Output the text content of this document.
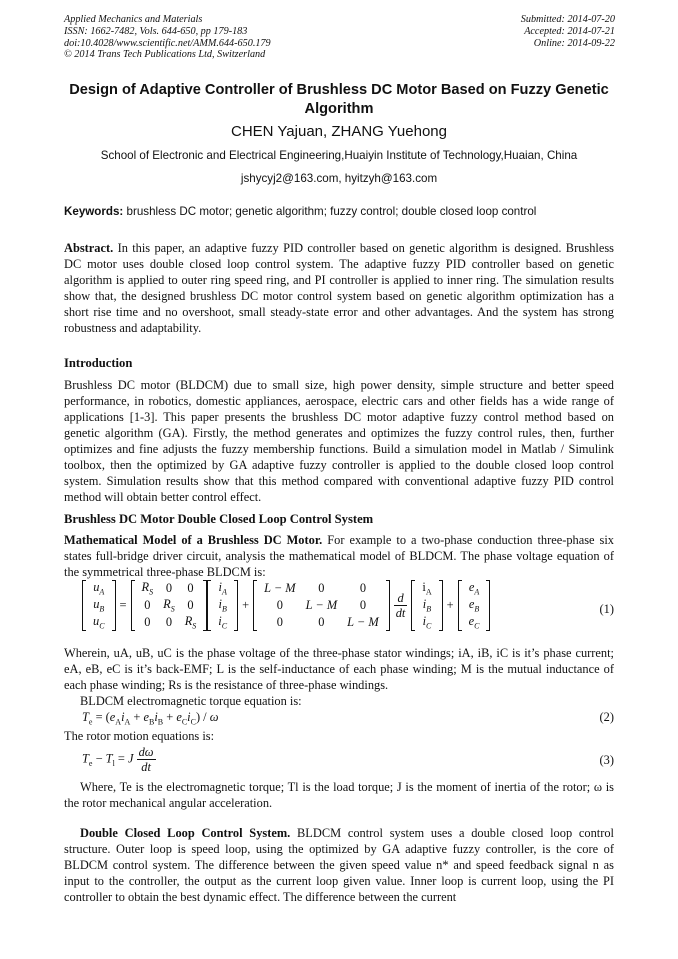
Applied Mechanics and Materials
ISSN: 1662-7482, Vols. 644-650, pp 179-183
doi:10.4028/www.scientific.net/AMM.644-650.179
© 2014 Trans Tech Publications Ltd, Switzerland
Submitted: 2014-07-20
Accepted: 2014-07-21
Online: 2014-09-22
Design of Adaptive Controller of Brushless DC Motor Based on Fuzzy Genetic Algorithm
CHEN Yajuan, ZHANG Yuehong
School of Electronic and Electrical Engineering,Huaiyin Institute of Technology,Huaian, China
jshycyj2@163.com, hyitzyh@163.com
Keywords: brushless DC motor; genetic algorithm; fuzzy control; double closed loop control
Abstract. In this paper, an adaptive fuzzy PID controller based on genetic algorithm is designed. Brushless DC motor uses double closed loop control system. The adaptive fuzzy PID controller based on genetic algorithm is applied to outer ring speed ring, and PI controller is applied to inner ring. The simulation results show that, the designed brushless DC motor control system based on genetic algorithm optimization has a short rise time and no overshoot, small steady-state error and other advantages. And the system has strong robustness and adaptability.
Introduction
Brushless DC motor (BLDCM) due to small size, high power density, simple structure and better speed performance, in robotics, domestic appliances, aerospace, electric cars and other fields has a wide range of applications [1-3]. This paper presents the brushless DC motor adaptive fuzzy control method based on genetic algorithm (GA). Firstly, the method generates and optimizes the fuzzy control rules, then, further optimizes and fine adjusts the fuzzy membership functions. Build a simulation model in Matlab / Simulink toolbox, then the optimized by GA adaptive fuzzy controller is applied to the double closed loop control system. Simulation results show that this method compared with conventional adaptive fuzzy PID control method will obtain better control effect.
Brushless DC Motor Double Closed Loop Control System
Mathematical Model of a Brushless DC Motor. For example to a two-phase conduction three-phase six states full-bridge driver circuit, analysis the mathematical model of BLDCM. The phase voltage equation of the symmetrical three-phase BLDCM is:
$u_A$
$u_B$
$u_C$
=
$R_S$	0	0
0	$R_S$	0
0	0	$R_S$
$i_A$
$i_B$
$i_C$
+
L − M	0	0
0	L − M	0
0	0	L − M
$\frac{d}{dt}$
$i_A$
$i_B$
$i_C$
+
$e_A$
$e_B$
$e_C$
(1)
Wherein, uA, uB, uC is the phase voltage of the three-phase stator windings; iA, iB, iC is it’s phase current; eA, eB, eC is it’s back-EMF; L is the self-inductance of each phase winding; M is the mutual inductance of each phase winding; Rs is the resistance of three-phase windings.
BLDCM electromagnetic torque equation is:
$T_e = (e_Ai_A + e_Bi_B + e_Ci_C) / \omega$	(2)
The rotor motion equations is:
$T_e - T_l = J \frac{d\omega}{dt}$	(3)
Where, Te is the electromagnetic torque; Tl is the load torque; J is the moment of inertia of the rotor; ω is the rotor mechanical angular acceleration.
Double Closed Loop Control System. BLDCM control system uses a double closed loop control structure. Outer loop is speed loop, using the optimized by GA adaptive fuzzy controller, is the core of BLDCM control system. The difference between the given speed value n* and speed feedback signal n as input to the controller, the output as the current loop given value. Inner loop is current loop, using the PI controller to obtain the best dynamic effect. The difference between the current
